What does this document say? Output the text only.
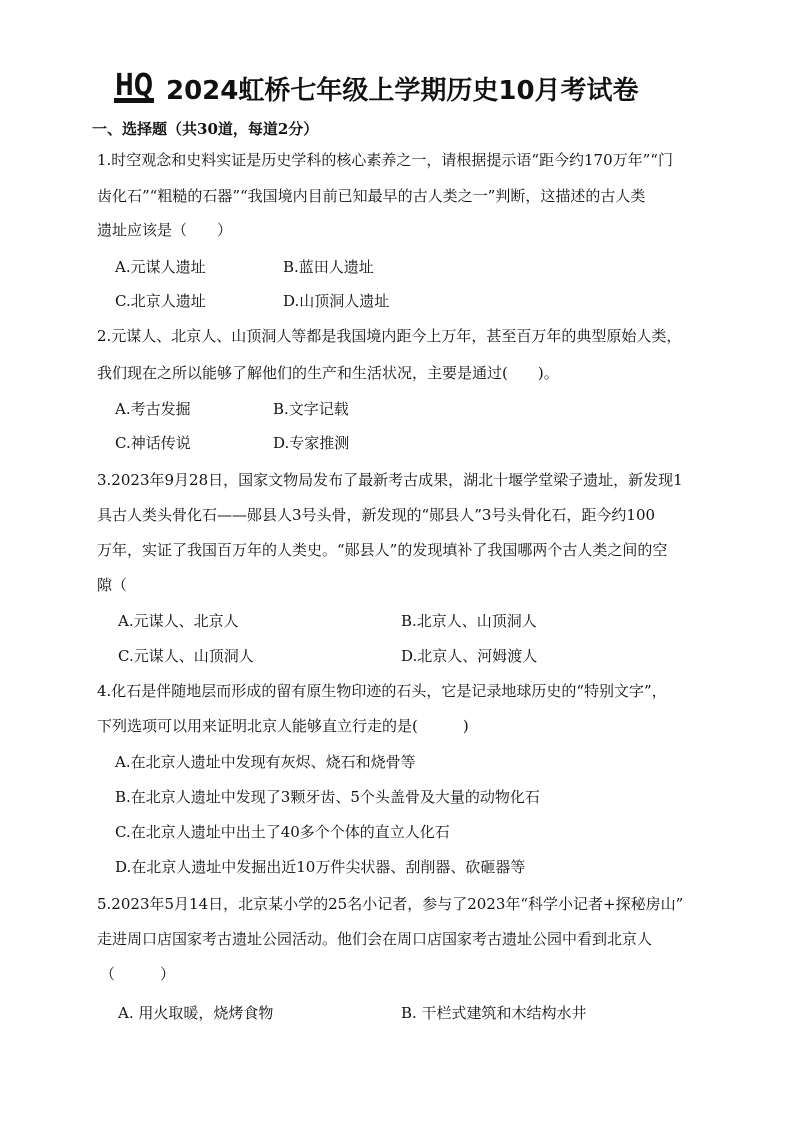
HQ 2024虹桥七年级上学期历史10月考试卷
一、选择题（共30道，每道2分）
1.时空观念和史料实证是历史学科的核心素养之一，请根据提示语“距今约170万年”“门
齿化石”“粗糙的石器”“我国境内目前已知最早的古人类之一”判断，这描述的古人类
遗址应该是（　　）
A.元谋人遗址	B.蓝田人遗址
C.北京人遗址	D.山顶洞人遗址
2.元谋人、北京人、山顶洞人等都是我国境内距今上万年，甚至百万年的典型原始人类，
我们现在之所以能够了解他们的生产和生活状况，主要是通过(　　)。
A.考古发掘	B.文字记载
C.神话传说	D.专家推测
3.2023年9月28日，国家文物局发布了最新考古成果，湖北十堰学堂梁子遗址，新发现1
具古人类头骨化石——郧县人3号头骨，新发现的“郧县人”3号头骨化石，距今约100
万年，实证了我国百万年的人类史。“郧县人”的发现填补了我国哪两个古人类之间的空
隙（
A.元谋人、北京人	B.北京人、山顶洞人
C.元谋人、山顶洞人	D.北京人、河姆渡人
4.化石是伴随地层而形成的留有原生物印迹的石头，它是记录地球历史的“特别文字”，
下列选项可以用来证明北京人能够直立行走的是(　　　)
A.在北京人遗址中发现有灰烬、烧石和烧骨等
B.在北京人遗址中发现了3颗牙齿、5个头盖骨及大量的动物化石
C.在北京人遗址中出土了40多个个体的直立人化石
D.在北京人遗址中发掘出近10万件尖状器、刮削器、砍砸器等
5.2023年5月14日，北京某小学的25名小记者，参与了2023年“科学小记者+探秘房山”
走进周口店国家考古遗址公园活动。他们会在周口店国家考古遗址公园中看到北京人
（　　　）
A. 用火取暖，烧烤食物	B. 干栏式建筑和木结构水井
